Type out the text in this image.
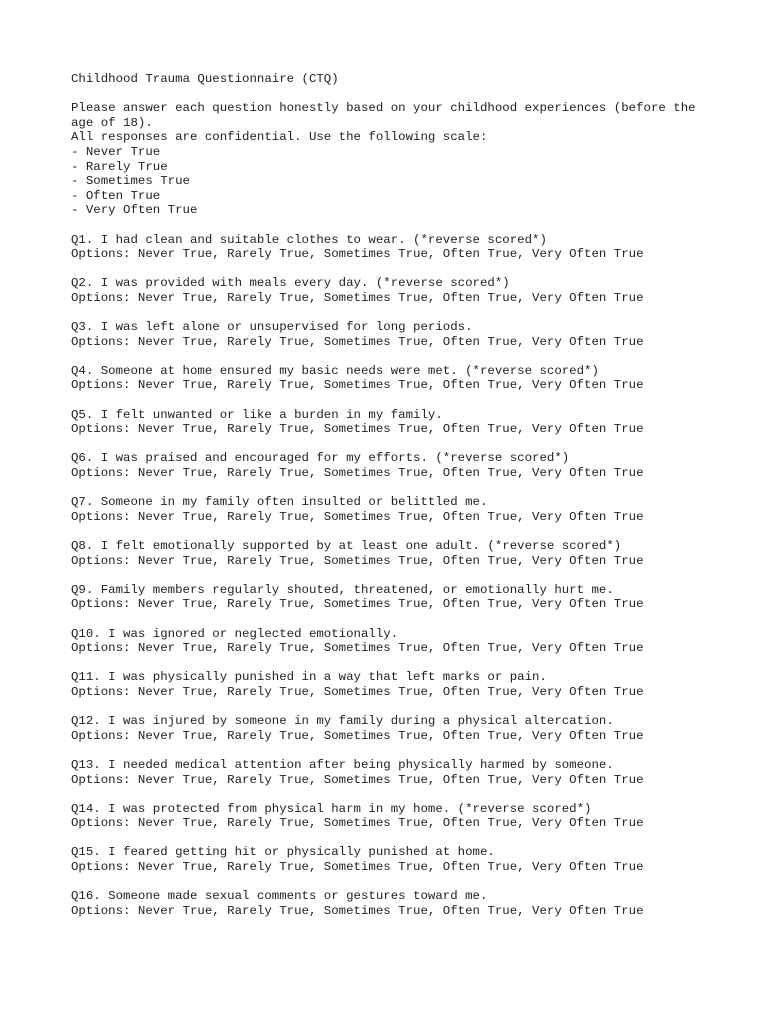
Childhood Trauma Questionnaire (CTQ)

Please answer each question honestly based on your childhood experiences (before the age of 18).

All responses are confidential. Use the following scale:

- Never True
- Rarely True
- Sometimes True
- Often True
- Very Often True

Q1. I had clean and suitable clothes to wear. (*reverse scored*)

Options: Never True, Rarely True, Sometimes True, Often True, Very Often True

Q2. I was provided with meals every day. (*reverse scored*)

Options: Never True, Rarely True, Sometimes True, Often True, Very Often True

Q3. I was left alone or unsupervised for long periods.

Options: Never True, Rarely True, Sometimes True, Often True, Very Often True

Q4. Someone at home ensured my basic needs were met. (*reverse scored*)

Options: Never True, Rarely True, Sometimes True, Often True, Very Often True

Q5. I felt unwanted or like a burden in my family.

Options: Never True, Rarely True, Sometimes True, Often True, Very Often True

Q6. I was praised and encouraged for my efforts. (*reverse scored*)

Options: Never True, Rarely True, Sometimes True, Often True, Very Often True

Q7. Someone in my family often insulted or belittled me.

Options: Never True, Rarely True, Sometimes True, Often True, Very Often True

Q8. I felt emotionally supported by at least one adult. (*reverse scored*)

Options: Never True, Rarely True, Sometimes True, Often True, Very Often True

Q9. Family members regularly shouted, threatened, or emotionally hurt me.

Options: Never True, Rarely True, Sometimes True, Often True, Very Often True

Q10. I was ignored or neglected emotionally.

Options: Never True, Rarely True, Sometimes True, Often True, Very Often True

Q11. I was physically punished in a way that left marks or pain.

Options: Never True, Rarely True, Sometimes True, Often True, Very Often True

Q12. I was injured by someone in my family during a physical altercation.

Options: Never True, Rarely True, Sometimes True, Often True, Very Often True

Q13. I needed medical attention after being physically harmed by someone.

Options: Never True, Rarely True, Sometimes True, Often True, Very Often True

Q14. I was protected from physical harm in my home. (*reverse scored*)

Options: Never True, Rarely True, Sometimes True, Often True, Very Often True

Q15. I feared getting hit or physically punished at home.

Options: Never True, Rarely True, Sometimes True, Often True, Very Often True

Q16. Someone made sexual comments or gestures toward me.

Options: Never True, Rarely True, Sometimes True, Often True, Very Often True
